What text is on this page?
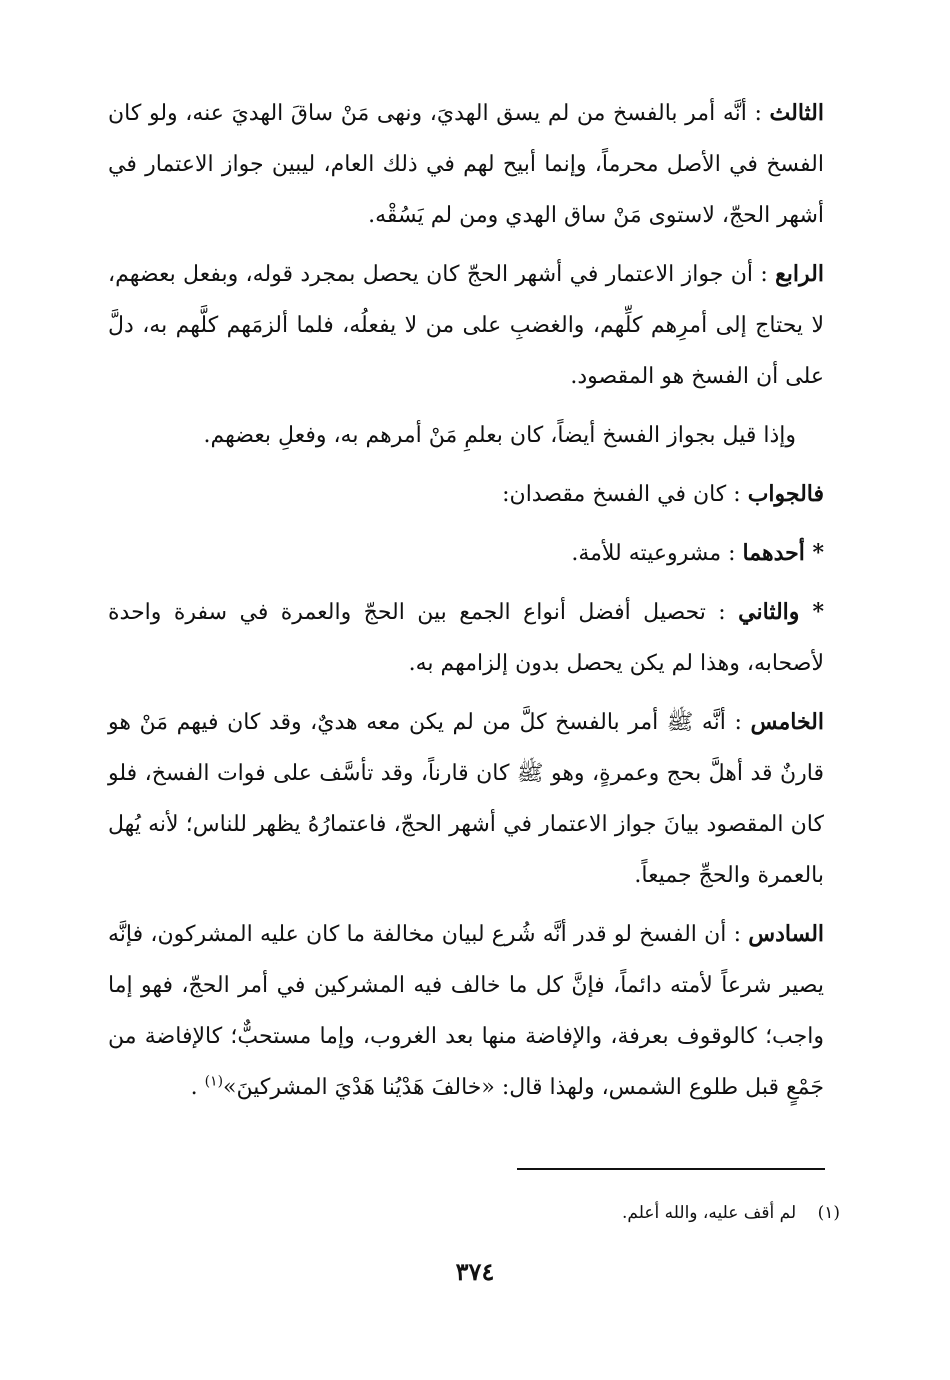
الثالث : أنَّه أمر بالفسخ من لم يسق الهديَ، ونهى مَنْ ساقَ الهديَ عنه، ولو كان الفسخ في الأصل محرماً، وإنما أبيح لهم في ذلك العام، ليبين جواز الاعتمار في أشهر الحجّ، لاستوى مَنْ ساق الهدي ومن لم يَسُقْه.

الرابع : أن جواز الاعتمار في أشهر الحجّ كان يحصل بمجرد قوله، وبفعل بعضهم، لا يحتاج إلى أمرِهم كلِّهم، والغضبِ على من لا يفعلُه، فلما ألزمَهم كلَّهم به، دلَّ على أن الفسخ هو المقصود.

وإذا قيل بجواز الفسخ أيضاً، كان بعلمِ مَنْ أمرهم به، وفعلِ بعضهم.

فالجواب : كان في الفسخ مقصدان:

* أحدهما : مشروعيته للأمة.

* والثاني : تحصيل أفضل أنواع الجمع بين الحجّ والعمرة في سفرة واحدة لأصحابه، وهذا لم يكن يحصل بدون إلزامهم به.

الخامس : أنَّه ﷺ أمر بالفسخ كلَّ من لم يكن معه هديٌ، وقد كان فيهم مَنْ هو قارنٌ قد أهلَّ بحج وعمرةٍ، وهو ﷺ كان قارناً، وقد تأسَّف على فوات الفسخ، فلو كان المقصود بيانَ جواز الاعتمار في أشهر الحجّ، فاعتمارُهُ يظهر للناس؛ لأنه يُهل بالعمرة والحجِّ جميعاً.

السادس : أن الفسخ لو قدر أنَّه شُرع لبيان مخالفة ما كان عليه المشركون، فإنَّه يصير شرعاً لأمته دائماً، فإنَّ كل ما خالف فيه المشركين في أمر الحجّ، فهو إما واجب؛ كالوقوف بعرفة، والإفاضة منها بعد الغروب، وإما مستحبٌّ؛ كالإفاضة من جَمْعٍ قبل طلوع الشمس، ولهذا قال: «خالفَ هَدْيُنا هَدْيَ المشركينَ»$^{(١)}$ .

(١) لم أقف عليه، والله أعلم.
٣٧٤
